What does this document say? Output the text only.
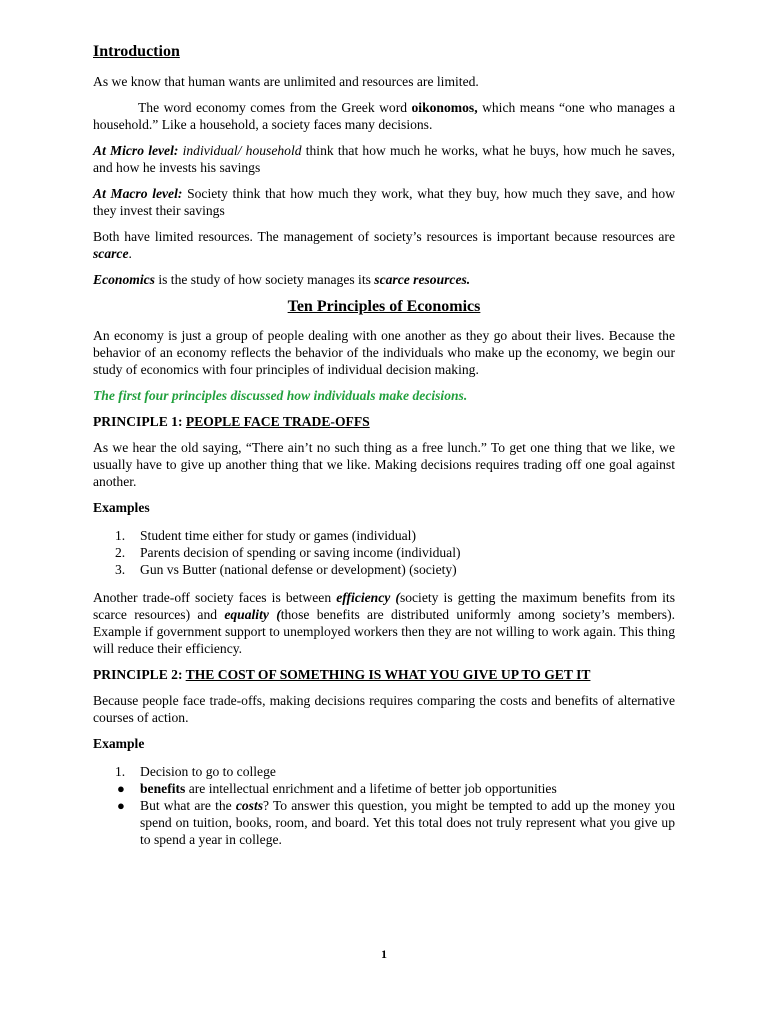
Introduction

As we know that human wants are unlimited and resources are limited.

The word economy comes from the Greek word oikonomos, which means “one who manages a household.” Like a household, a society faces many decisions.

At Micro level: individual/ household think that how much he works, what he buys, how much he saves, and how he invests his savings

At Macro level: Society think that how much they work, what they buy, how much they save, and how they invest their savings

Both have limited resources. The management of society’s resources is important because resources are scarce.

Economics is the study of how society manages its scarce resources.

Ten Principles of Economics

An economy is just a group of people dealing with one another as they go about their lives. Because the behavior of an economy reflects the behavior of the individuals who make up the economy, we begin our study of economics with four principles of individual decision making.

The first four principles discussed how individuals make decisions.

PRINCIPLE 1: PEOPLE FACE TRADE-OFFS

As we hear the old saying, “There ain’t no such thing as a free lunch.” To get one thing that we like, we usually have to give up another thing that we like. Making decisions requires trading off one goal against another.

Examples
1. Student time either for study or games (individual)
2. Parents decision of spending or saving income (individual)
3. Gun vs Butter (national defense or development) (society)

Another trade-off society faces is between efficiency (society is getting the maximum benefits from its scarce resources) and equality (those benefits are distributed uniformly among society’s members). Example if government support to unemployed workers then they are not willing to work again. This thing will reduce their efficiency.

PRINCIPLE 2: THE COST OF SOMETHING IS WHAT YOU GIVE UP TO GET IT

Because people face trade-offs, making decisions requires comparing the costs and benefits of alternative courses of action.

Example
1. Decision to go to college
● benefits are intellectual enrichment and a lifetime of better job opportunities
● But what are the costs? To answer this question, you might be tempted to add up the money you spend on tuition, books, room, and board. Yet this total does not truly represent what you give up to spend a year in college.
1
